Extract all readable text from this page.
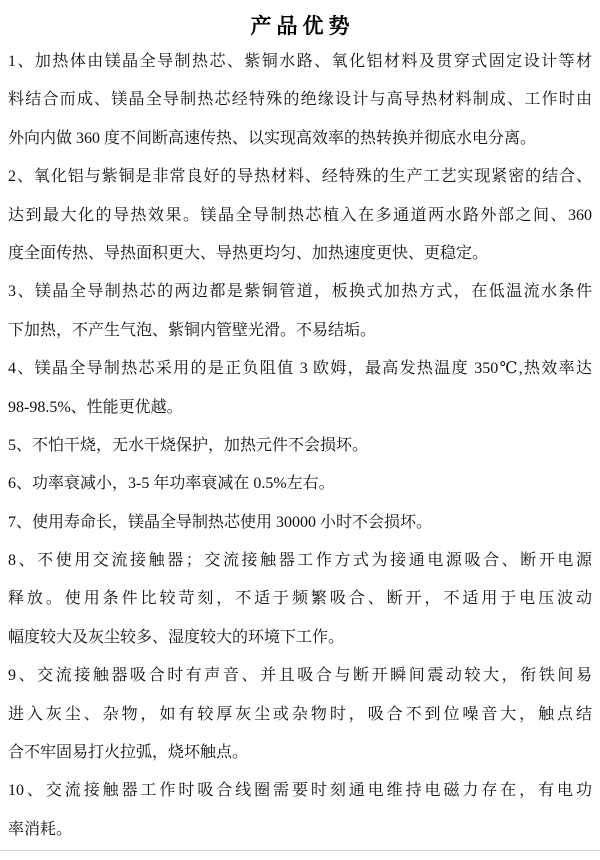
产品优势
1、加热体由镁晶全导制热芯、紫铜水路、氧化铝材料及贯穿式固定设计等材
料结合而成、镁晶全导制热芯经特殊的绝缘设计与高导热材料制成、工作时由
外向内做 360 度不间断高速传热、以实现高效率的热转换并彻底水电分离。
2、氧化铝与紫铜是非常良好的导热材料、经特殊的生产工艺实现紧密的结合、
达到最大化的导热效果。镁晶全导制热芯植入在多通道两水路外部之间、360
度全面传热、导热面积更大、导热更均匀、加热速度更快、更稳定。
3、镁晶全导制热芯的两边都是紫铜管道，板换式加热方式，在低温流水条件
下加热，不产生气泡、紫铜内管壁光滑。不易结垢。
4、镁晶全导制热芯采用的是正负阻值 3 欧姆，最高发热温度 350℃,热效率达
98-98.5%、性能更优越。
5、不怕干烧，无水干烧保护，加热元件不会损坏。
6、功率衰减小，3-5 年功率衰减在 0.5%左右。
7、使用寿命长，镁晶全导制热芯使用 30000 小时不会损坏。
8、不使用交流接触器；交流接触器工作方式为接通电源吸合、断开电源
释放。使用条件比较苛刻，不适于频繁吸合、断开，不适用于电压波动
幅度较大及灰尘较多、湿度较大的环境下工作。
9、交流接触器吸合时有声音、并且吸合与断开瞬间震动较大，衔铁间易
进入灰尘、杂物，如有较厚灰尘或杂物时，吸合不到位噪音大，触点结
合不牢固易打火拉弧，烧坏触点。
10、交流接触器工作时吸合线圈需要时刻通电维持电磁力存在，有电功
率消耗。
